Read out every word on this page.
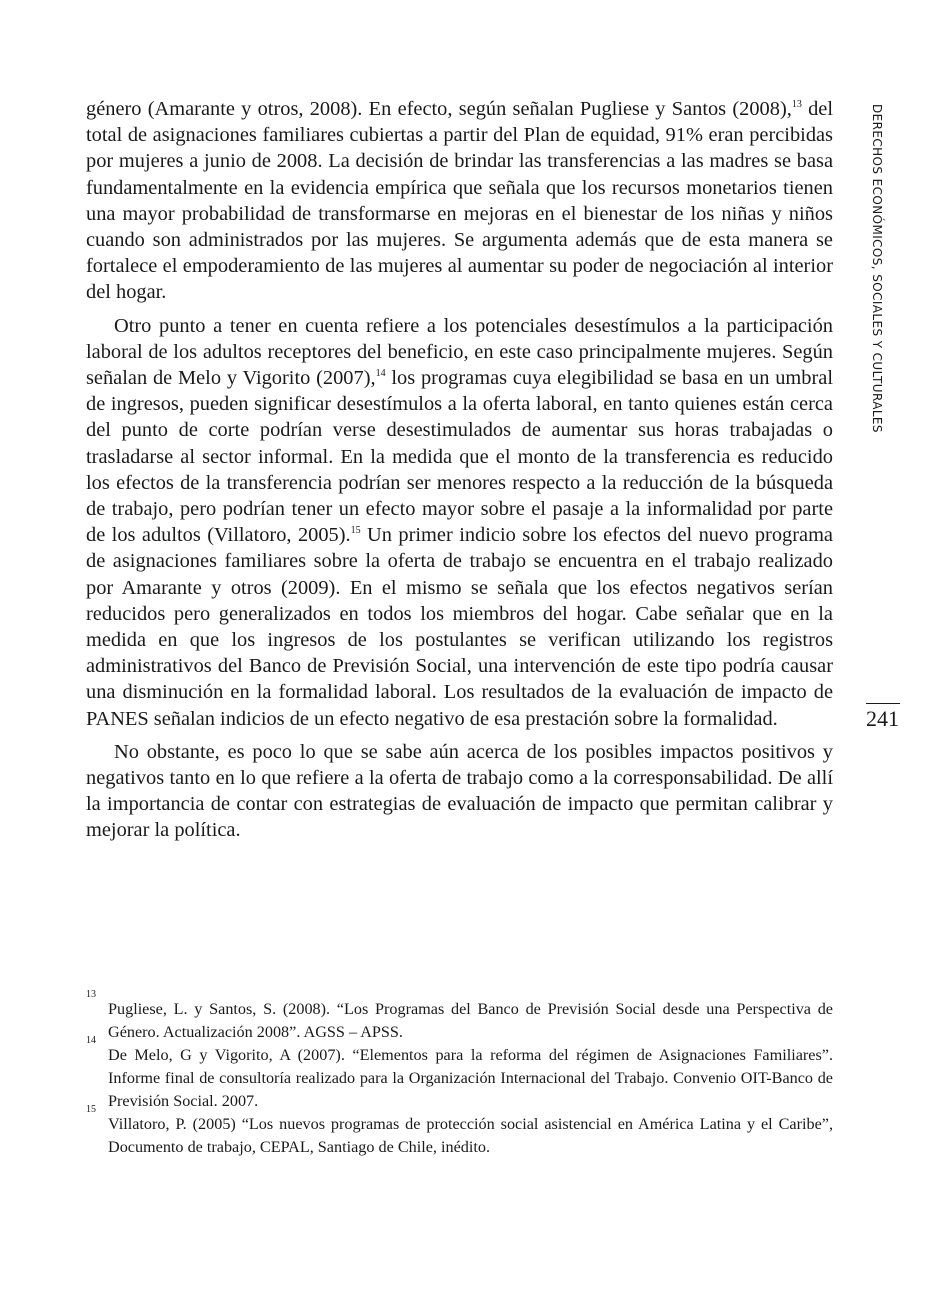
género (Amarante y otros, 2008). En efecto, según señalan Pugliese y Santos (2008),$^{13}$ del total de asignaciones familiares cubiertas a partir del Plan de equidad, 91% eran percibidas por mujeres a junio de 2008. La decisión de brindar las transferencias a las madres se basa fundamentalmente en la evidencia empírica que señala que los recursos monetarios tienen una mayor probabilidad de transformarse en mejoras en el bienestar de los niñas y niños cuando son administrados por las mujeres. Se argumenta además que de esta manera se fortalece el empoderamiento de las mujeres al aumentar su poder de negociación al interior del hogar.

Otro punto a tener en cuenta refiere a los potenciales desestímulos a la participación laboral de los adultos receptores del beneficio, en este caso principalmente mujeres. Según señalan de Melo y Vigorito (2007),$^{14}$ los programas cuya elegibilidad se basa en un umbral de ingresos, pueden significar desestímulos a la oferta laboral, en tanto quienes están cerca del punto de corte podrían verse desestimulados de aumentar sus horas trabajadas o trasladarse al sector informal. En la medida que el monto de la transferencia es reducido los efectos de la transferencia podrían ser menores respecto a la reducción de la búsqueda de trabajo, pero podrían tener un efecto mayor sobre el pasaje a la informalidad por parte de los adultos (Villatoro, 2005).$^{15}$ Un primer indicio sobre los efectos del nuevo programa de asignaciones familiares sobre la oferta de trabajo se encuentra en el trabajo realizado por Amarante y otros (2009). En el mismo se señala que los efectos negativos serían reducidos pero generalizados en todos los miembros del hogar. Cabe señalar que en la medida en que los ingresos de los postulantes se verifican utilizando los registros administrativos del Banco de Previsión Social, una intervención de este tipo podría causar una disminución en la formalidad laboral. Los resultados de la evaluación de impacto de PANES señalan indicios de un efecto negativo de esa prestación sobre la formalidad.

No obstante, es poco lo que se sabe aún acerca de los posibles impactos positivos y negativos tanto en lo que refiere a la oferta de trabajo como a la corresponsabilidad. De allí la importancia de contar con estrategias de evaluación de impacto que permitan calibrar y mejorar la política.

DERECHOS ECONÓMICOS, SOCIALES Y CULTURALES
241
13
Pugliese, L. y Santos, S. (2008). “Los Programas del Banco de Previsión Social desde una Perspectiva de Género. Actualización 2008”. AGSS – APSS.
14
De Melo, G y Vigorito, A (2007). “Elementos para la reforma del régimen de Asignaciones Familiares”. Informe final de consultoría realizado para la Organización Internacional del Trabajo. Convenio OIT-Banco de Previsión Social. 2007.
15
Villatoro, P. (2005) “Los nuevos programas de protección social asistencial en América Latina y el Caribe”, Documento de trabajo, CEPAL, Santiago de Chile, inédito.
